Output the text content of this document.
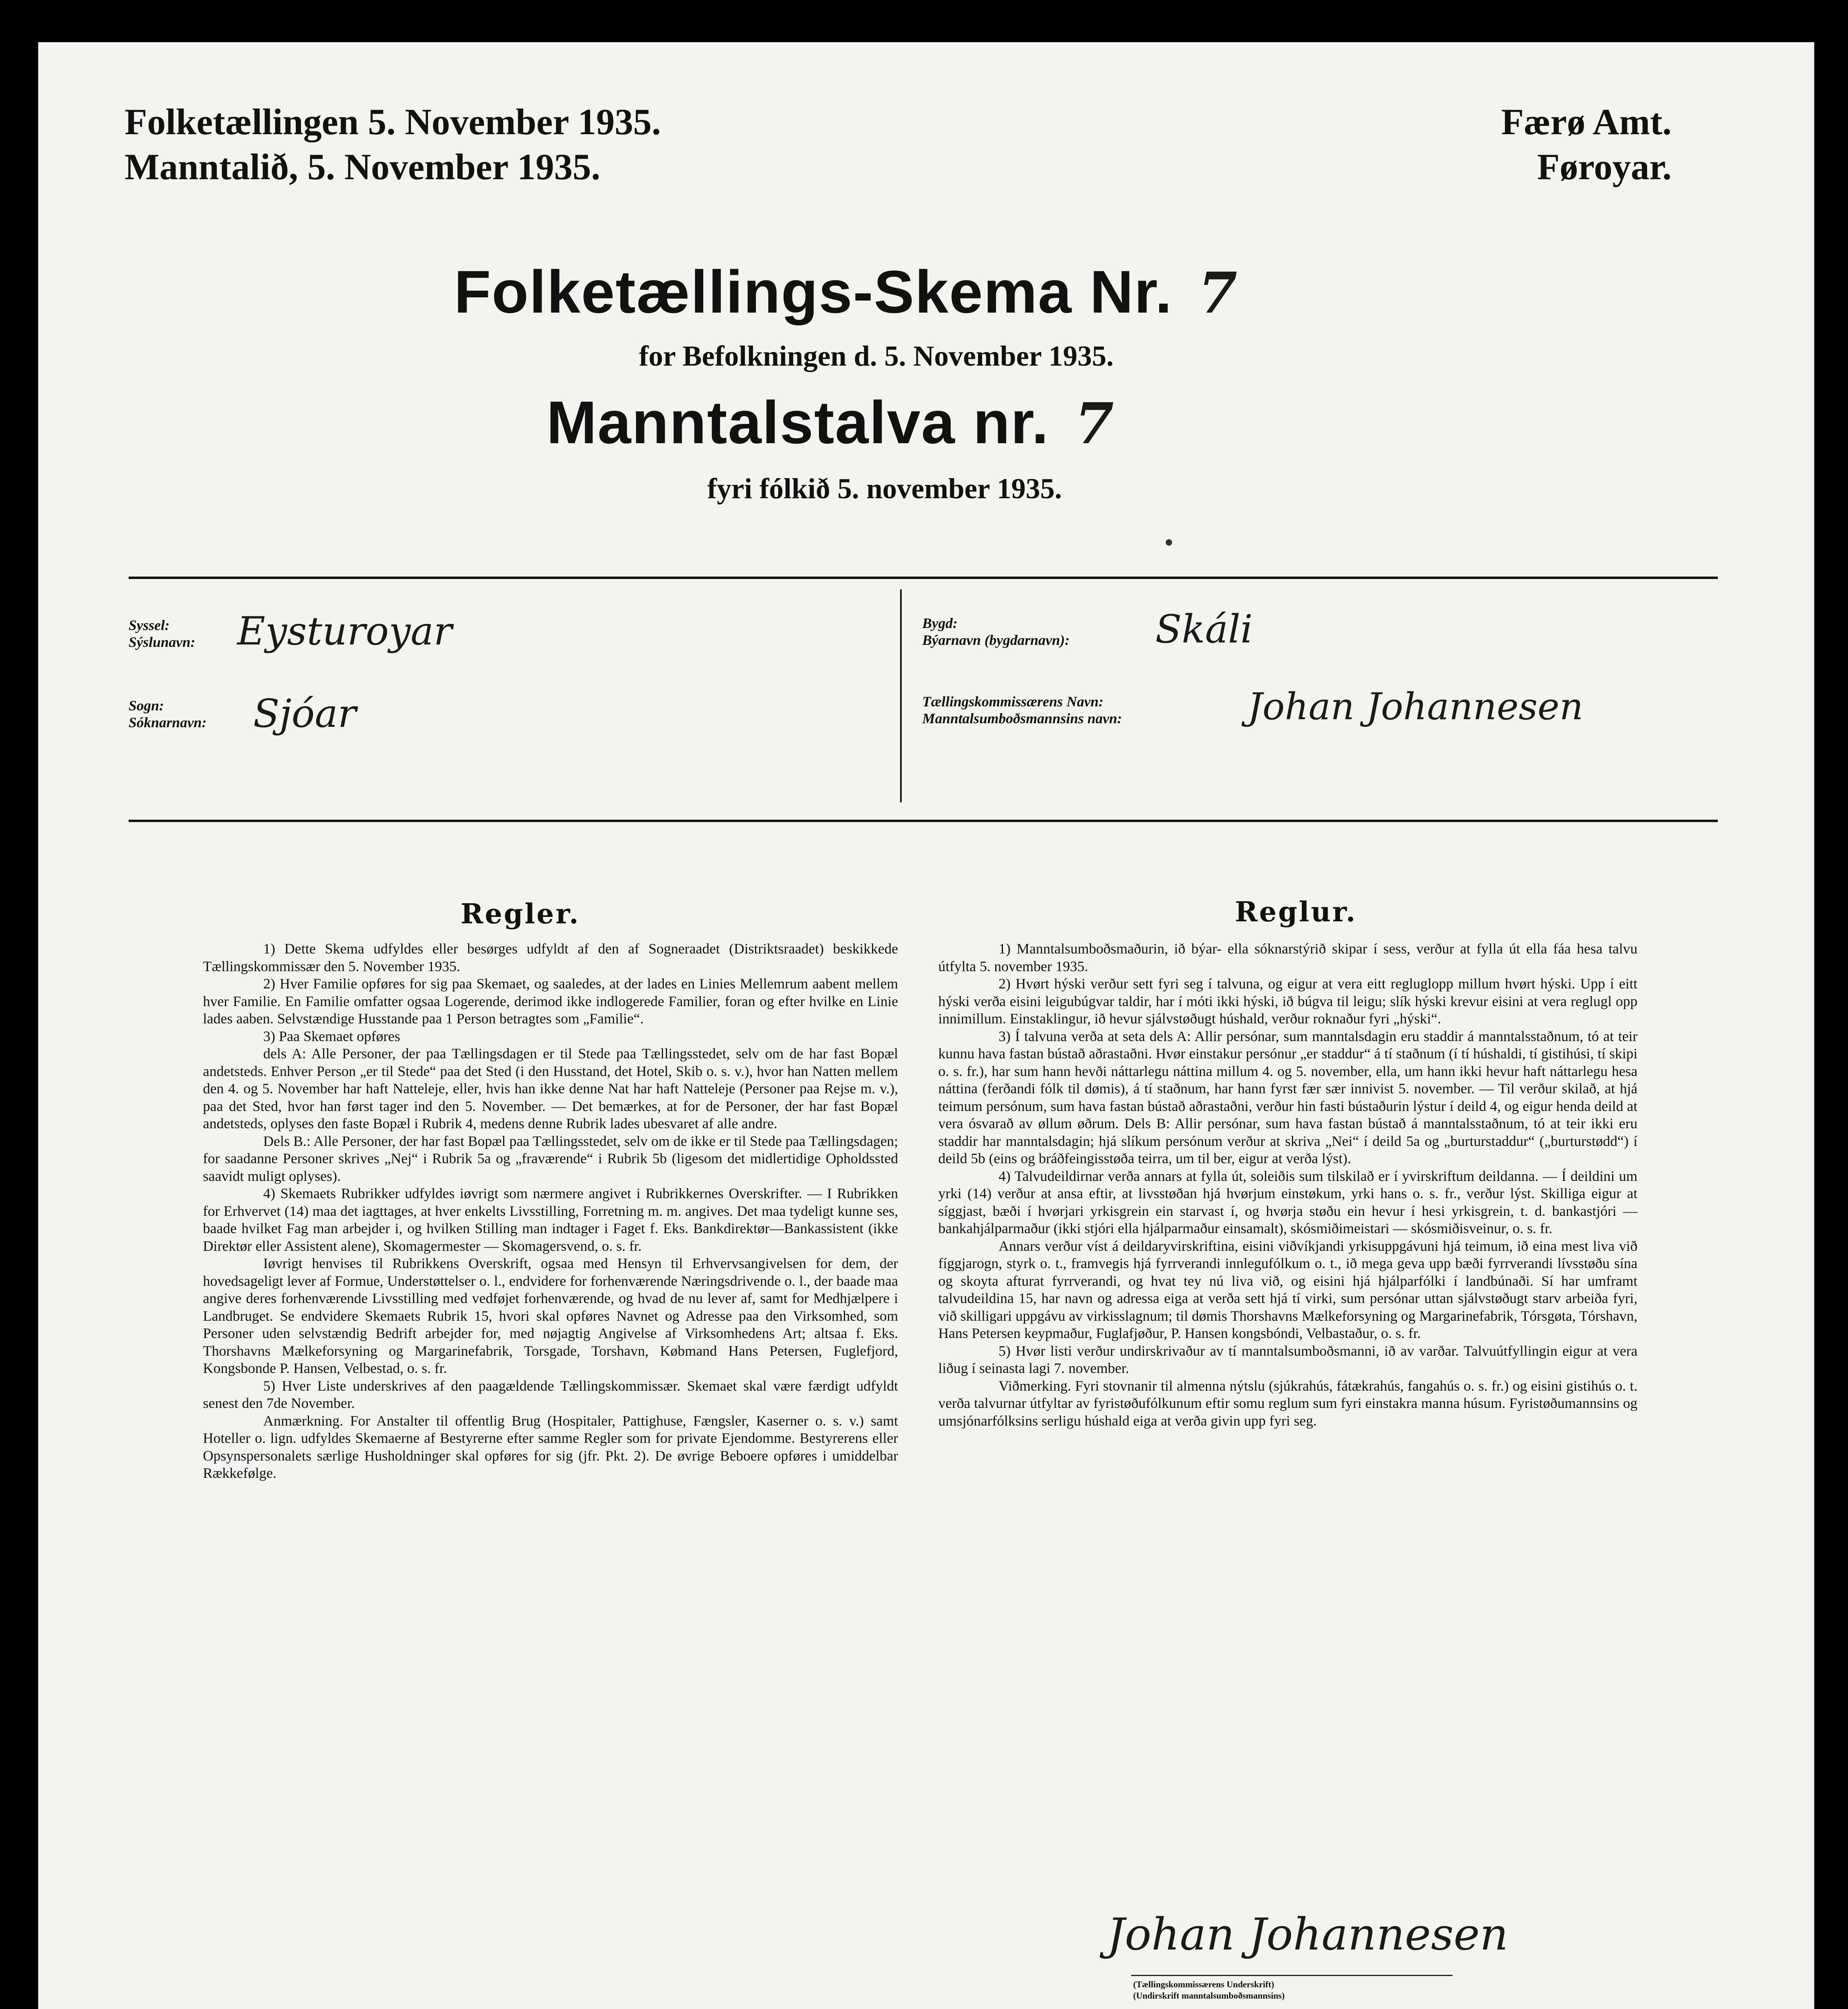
Folketællingen 5. November 1935.
Manntalið, 5. November 1935.
Færø Amt.
Føroyar.
Folketællings-Skema Nr. 7
for Befolkningen d. 5. November 1935.
Manntalstalva nr. 7
fyri fólkið 5. november 1935.
Syssel:
Sýslunavn: Eysturoyar
Sogn:
Sóknarnavn: Sjóar
Bygd:
Býarnavn (bygdarnavn): Skáli
Tællingskommissærens Navn:
Manntalsumboðsmannsins navn:	Johan Johannesen
Regler.

1) Dette Skema udfyldes eller besørges udfyldt af den af Sogneraadet (Distriktsraadet) beskikkede Tællingskommissær den 5. November 1935.

2) Hver Familie opføres for sig paa Skemaet, og saaledes, at der lades en Linies Mellemrum aabent mellem hver Familie. En Familie omfatter ogsaa Logerende, derimod ikke indlogerede Familier, foran og efter hvilke en Linie lades aaben. Selvstændige Husstande paa 1 Person betragtes som „Familie“.

3) Paa Skemaet opføres

dels A: Alle Personer, der paa Tællingsdagen er til Stede paa Tællingsstedet, selv om de har fast Bopæl andetsteds. Enhver Person „er til Stede“ paa det Sted (i den Husstand, det Hotel, Skib o. s. v.), hvor han Natten mellem den 4. og 5. November har haft Natteleje, eller, hvis han ikke denne Nat har haft Natteleje (Personer paa Rejse m. v.), paa det Sted, hvor han først tager ind den 5. November. — Det bemærkes, at for de Personer, der har fast Bopæl andetsteds, oplyses den faste Bopæl i Rubrik 4, medens denne Rubrik lades ubesvaret af alle andre.

Dels B.: Alle Personer, der har fast Bopæl paa Tællingsstedet, selv om de ikke er til Stede paa Tællingsdagen; for saadanne Personer skrives „Nej“ i Rubrik 5a og „fraværende“ i Rubrik 5b (ligesom det midlertidige Opholdssted saavidt muligt oplyses).

4) Skemaets Rubrikker udfyldes iøvrigt som nærmere angivet i Rubrikkernes Overskrifter. — I Rubrikken for Erhvervet (14) maa det iagttages, at hver enkelts Livsstilling, Forretning m. m. angives. Det maa tydeligt kunne ses, baade hvilket Fag man arbejder i, og hvilken Stilling man indtager i Faget f. Eks. Bankdirektør—Bankassistent (ikke Direktør eller Assistent alene), Skomagermester — Skomagersvend, o. s. fr.

Iøvrigt henvises til Rubrikkens Overskrift, ogsaa med Hensyn til Erhvervsangivelsen for dem, der hovedsageligt lever af Formue, Understøttelser o. l., endvidere for forhenværende Næringsdrivende o. l., der baade maa angive deres forhenværende Livsstilling med vedføjet forhenværende, og hvad de nu lever af, samt for Medhjælpere i Landbruget. Se endvidere Skemaets Rubrik 15, hvori skal opføres Navnet og Adresse paa den Virksomhed, som Personer uden selvstændig Bedrift arbejder for, med nøjagtig Angivelse af Virksomhedens Art; altsaa f. Eks. Thorshavns Mælkeforsyning og Margarinefabrik, Torsgade, Torshavn, Købmand Hans Petersen, Fuglefjord, Kongsbonde P. Hansen, Velbestad, o. s. fr.

5) Hver Liste underskrives af den paagældende Tællingskommissær. Skemaet skal være færdigt udfyldt senest den 7de November.

Anmærkning. For Anstalter til offentlig Brug (Hospitaler, Pattighuse, Fængsler, Kaserner o. s. v.) samt Hoteller o. lign. udfyldes Skemaerne af Bestyrerne efter samme Regler som for private Ejendomme. Bestyrerens eller Opsynspersonalets særlige Husholdninger skal opføres for sig (jfr. Pkt. 2). De øvrige Beboere opføres i umiddelbar Rækkefølge.

Reglur.

1) Manntalsumboðsmaðurin, ið býar- ella sóknarstýrið skipar í sess, verður at fylla út ella fáa hesa talvu útfylta 5. november 1935.

2) Hvørt hýski verður sett fyri seg í talvuna, og eigur at vera eitt regluglopp millum hvørt hýski. Upp í eitt hýski verða eisini leigubúgvar taldir, har í móti ikki hýski, ið búgva til leigu; slík hýski krevur eisini at vera reglugl opp innimillum. Einstaklingur, ið hevur sjálvstøðugt húshald, verður roknaður fyri „hýski“.

3) Í talvuna verða at seta dels A: Allir persónar, sum manntalsdagin eru staddir á manntalsstaðnum, tó at teir kunnu hava fastan bústað aðrastaðni. Hvør einstakur persónur „er staddur“ á tí staðnum (í tí húshaldi, tí gistihúsi, tí skipi o. s. fr.), har sum hann hevði náttarlegu náttina millum 4. og 5. november, ella, um hann ikki hevur haft náttarlegu hesa náttina (ferðandi fólk til dømis), á tí staðnum, har hann fyrst fær sær innivist 5. november. — Til verður skilað, at hjá teimum persónum, sum hava fastan bústað aðrastaðni, verður hin fasti bústaðurin lýstur í deild 4, og eigur henda deild at vera ósvarað av øllum øðrum. Dels B: Allir persónar, sum hava fastan bústað á manntalsstaðnum, tó at teir ikki eru staddir har manntalsdagin; hjá slíkum persónum verður at skriva „Nei“ í deild 5a og „burturstaddur“ („burturstødd“) í deild 5b (eins og bráðfeingisstøða teirra, um til ber, eigur at verða lýst).

4) Talvudeildirnar verða annars at fylla út, soleiðis sum tilskilað er í yvirskriftum deildanna. — Í deildini um yrki (14) verður at ansa eftir, at livsstøðan hjá hvørjum einstøkum, yrki hans o. s. fr., verður lýst. Skilliga eigur at síggjast, bæði í hvørjari yrkisgrein ein starvast í, og hvørja støðu ein hevur í hesi yrkisgrein, t. d. bankastjóri — bankahjálparmaður (ikki stjóri ella hjálparmaður einsamalt), skósmiðimeistari — skósmiðisveinur, o. s. fr.

Annars verður víst á deildaryvirskriftina, eisini viðvíkjandi yrkisuppgávuni hjá teimum, ið eina mest liva við fíggjarogn, styrk o. t., framvegis hjá fyrrverandi innlegufólkum o. t., ið mega geva upp bæði fyrrverandi lívsstøðu sína og skoyta afturat fyrrverandi, og hvat tey nú liva við, og eisini hjá hjálparfólki í landbúnaði. Sí har umframt talvudeildina 15, har navn og adressa eiga at verða sett hjá tí virki, sum persónar uttan sjálvstøðugt starv arbeiða fyri, við skilligari uppgávu av virkisslagnum; til dømis Thorshavns Mælkeforsyning og Margarinefabrik, Tórsgøta, Tórshavn, Hans Petersen keypmaður, Fuglafjøður, P. Hansen kongsbóndi, Velbastaður, o. s. fr.

5) Hvør listi verður undirskrivaður av tí manntalsumboðsmanni, ið av varðar. Talvuútfyllingin eigur at vera liðug í seinasta lagi 7. november.

Viðmerking. Fyri stovnanir til almenna nýtslu (sjúkrahús, fátækrahús, fangahús o. s. fr.) og eisini gistihús o. t. verða talvurnar útfyltar av fyristøðufólkunum eftir somu reglum sum fyri einstakra manna húsum. Fyristøðumannsins og umsjónarfólksins serligu húshald eiga at verða givin upp fyri seg.

Johan Johannesen
(Tællingskommissærens Underskrift)
(Undirskrift manntalsumboðsmannsins)
